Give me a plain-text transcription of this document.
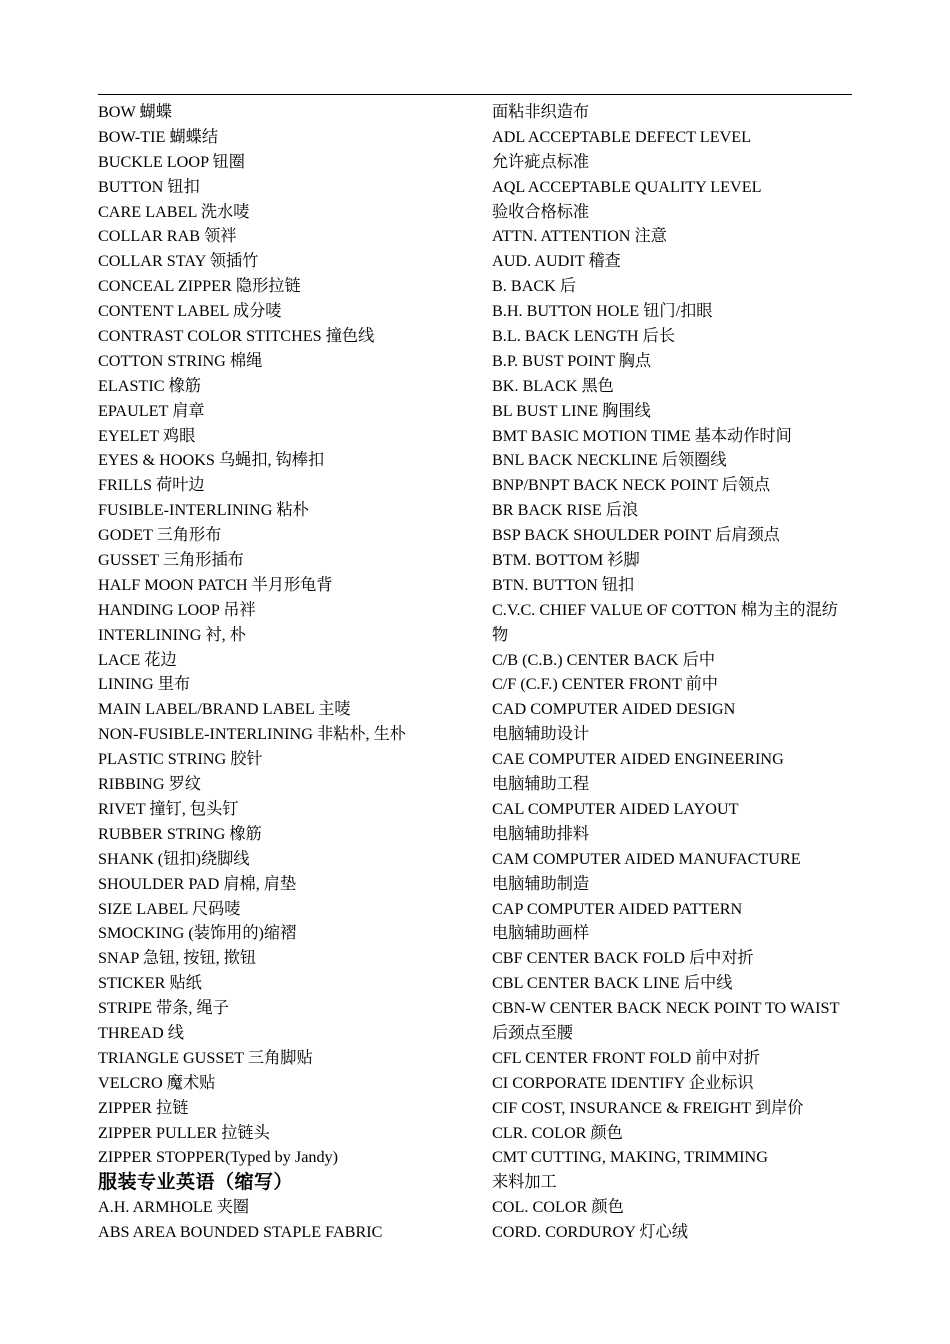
BOW 蝴蝶
BOW-TIE 蝴蝶结
BUCKLE LOOP 钮圈
BUTTON 钮扣
CARE LABEL 洗水唛
COLLAR RAB 领袢
COLLAR STAY 领插竹
CONCEAL ZIPPER 隐形拉链
CONTENT LABEL 成分唛
CONTRAST COLOR STITCHES 撞色线
COTTON STRING 棉绳
ELASTIC 橡筋
EPAULET 肩章
EYELET 鸡眼
EYES & HOOKS 乌蝇扣, 钩棒扣
FRILLS 荷叶边
FUSIBLE-INTERLINING 粘朴
GODET 三角形布
GUSSET 三角形插布
HALF MOON PATCH 半月形龟背
HANDING LOOP 吊袢
INTERLINING 衬, 朴
LACE 花边
LINING 里布
MAIN LABEL/BRAND LABEL 主唛
NON-FUSIBLE-INTERLINING 非粘朴, 生朴
PLASTIC STRING 胶针
RIBBING 罗纹
RIVET 撞钉, 包头钉
RUBBER STRING 橡筋
SHANK (钮扣)绕脚线
SHOULDER PAD 肩棉, 肩垫
SIZE LABEL 尺码唛
SMOCKING (装饰用的)缩褶
SNAP 急钮, 按钮, 揿钮
STICKER 贴纸
STRIPE 带条, 绳子
THREAD 线
TRIANGLE GUSSET 三角脚贴
VELCRO 魔术贴
ZIPPER 拉链
ZIPPER PULLER 拉链头
ZIPPER STOPPER(Typed by Jandy)
服装专业英语（缩写）
A.H. ARMHOLE 夹圈
ABS AREA BOUNDED STAPLE FABRIC
面粘非织造布
ADL ACCEPTABLE DEFECT LEVEL
允许疵点标准
AQL ACCEPTABLE QUALITY LEVEL
验收合格标准
ATTN. ATTENTION 注意
AUD. AUDIT 稽查
B. BACK 后
B.H. BUTTON HOLE 钮门/扣眼
B.L. BACK LENGTH 后长
B.P. BUST POINT 胸点
BK. BLACK 黑色
BL BUST LINE 胸围线
BMT BASIC MOTION TIME 基本动作时间
BNL BACK NECKLINE 后领圈线
BNP/BNPT BACK NECK POINT 后领点
BR BACK RISE 后浪
BSP BACK SHOULDER POINT 后肩颈点
BTM. BOTTOM 衫脚
BTN. BUTTON 钮扣
C.V.C. CHIEF VALUE OF COTTON 棉为主的混纺
物
C/B (C.B.) CENTER BACK 后中
C/F (C.F.) CENTER FRONT 前中
CAD COMPUTER AIDED DESIGN
电脑辅助设计
CAE COMPUTER AIDED ENGINEERING
电脑辅助工程
CAL COMPUTER AIDED LAYOUT
电脑辅助排料
CAM COMPUTER AIDED MANUFACTURE
电脑辅助制造
CAP COMPUTER AIDED PATTERN
电脑辅助画样
CBF CENTER BACK FOLD 后中对折
CBL CENTER BACK LINE 后中线
CBN-W CENTER BACK NECK POINT TO WAIST
后颈点至腰
CFL CENTER FRONT FOLD 前中对折
CI CORPORATE IDENTIFY 企业标识
CIF COST, INSURANCE & FREIGHT 到岸价
CLR. COLOR 颜色
CMT CUTTING, MAKING, TRIMMING
来料加工
COL. COLOR 颜色
CORD. CORDUROY 灯心绒
